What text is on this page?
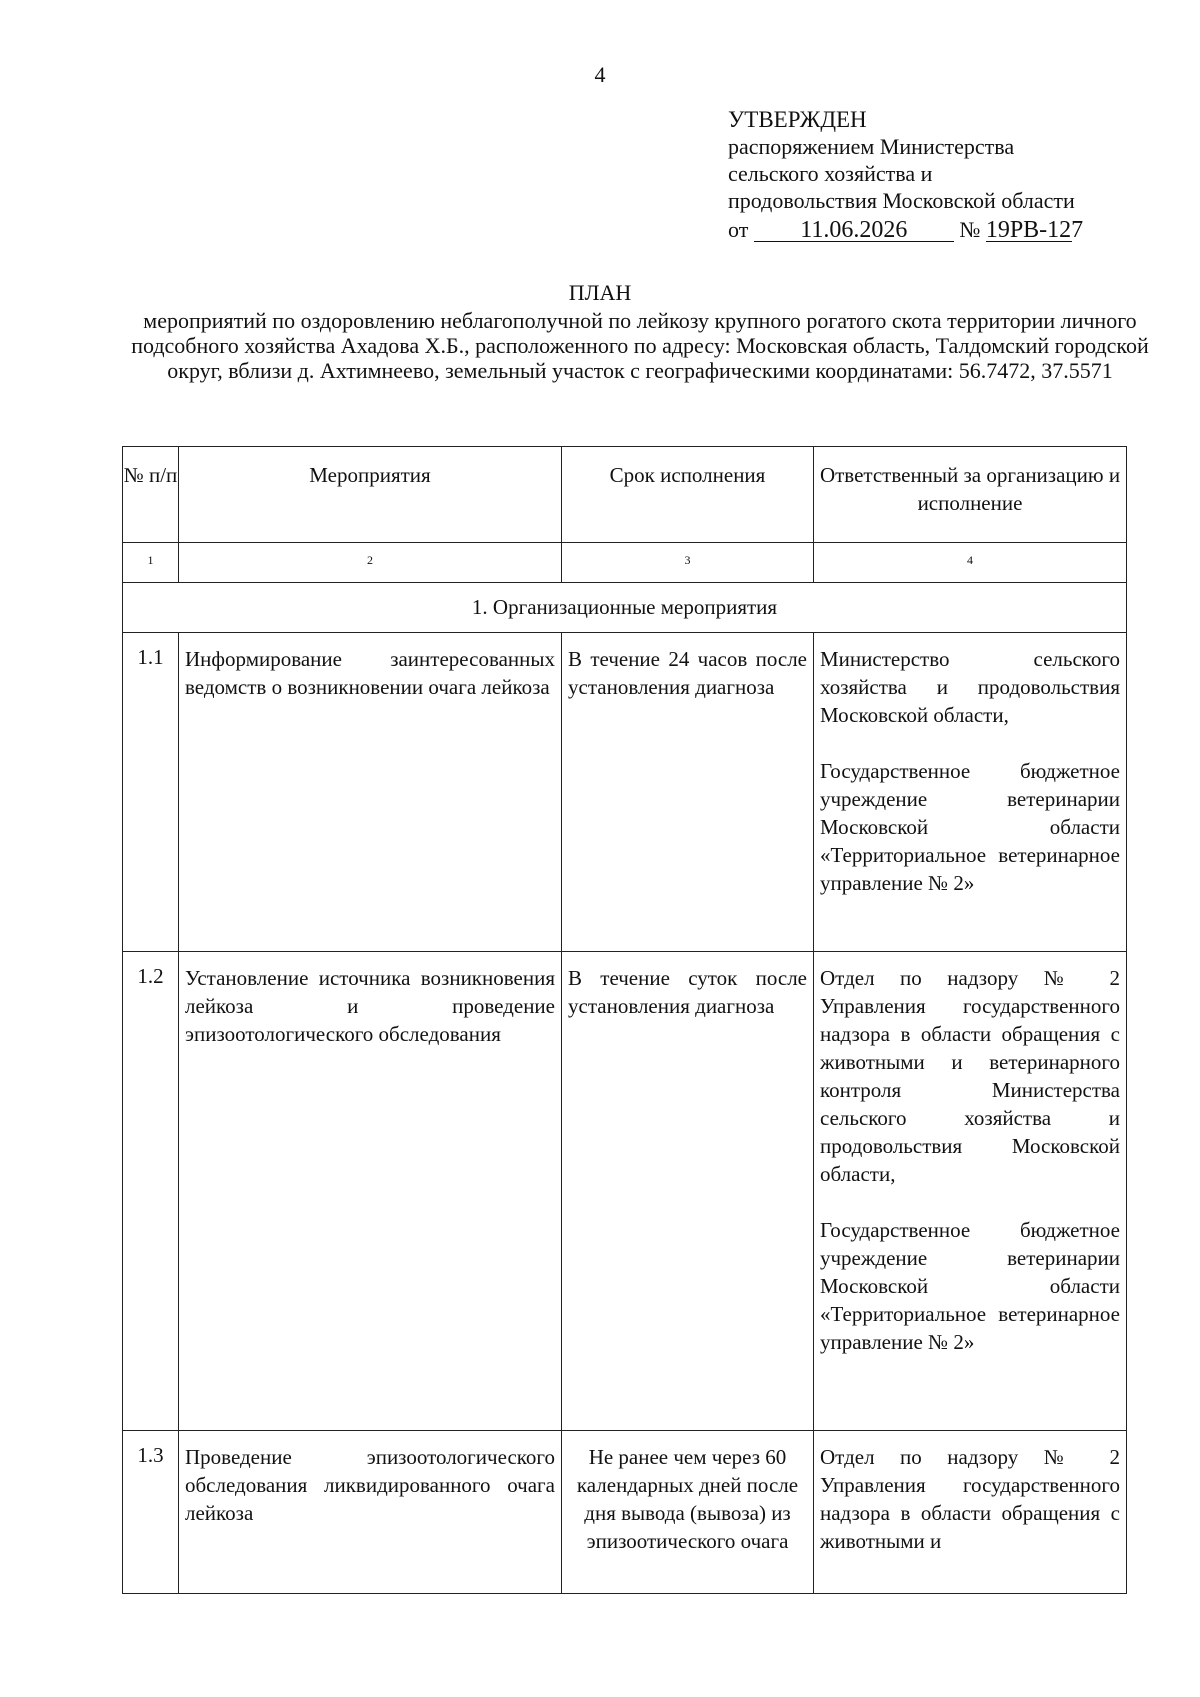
4
УТВЕРЖДЕН
распоряжением Министерства
сельского хозяйства и
продовольствия Московской области
от 11.06.2026 № 19РВ-127
ПЛАН
мероприятий по оздоровлению неблагополучной по лейкозу крупного рогатого скота территории личного подсобного хозяйства Ахадова Х.Б., расположенного по адресу: Московская область, Талдомский городской округ, вблизи д. Ахтимнеево, земельный участок с географическими координатами: 56.7472, 37.5571
№ п/п	Мероприятия	Срок исполнения	Ответственный за организацию и исполнение
1	2	3	4
1. Организационные мероприятия			
1.1	Информирование заинтересованных ведомств о возникновении очага лейкоза	В течение 24 часов после установления диагноза	Министерство сельского хозяйства и продовольствия Московской области,
Государственное бюджетное учреждение ветеринарии Московской области «Территориальное ветеринарное управление № 2»

1.2	Установление источника возникновения лейкоза и проведение эпизоотологического обследования	В течение суток после установления диагноза	Отдел по надзору № 2 Управления государственного надзора в области обращения с животными и ветеринарного контроля Министерства сельского хозяйства и продовольствия Московской области,
Государственное бюджетное учреждение ветеринарии Московской области «Территориальное ветеринарное управление № 2»

1.3	Проведение эпизоотологического обследования ликвидированного очага лейкоза	Не ранее чем через 60 календарных дней после дня вывода (вывоза) из эпизоотического очага	Отдел по надзору № 2 Управления государственного надзора в области обращения с животными и
